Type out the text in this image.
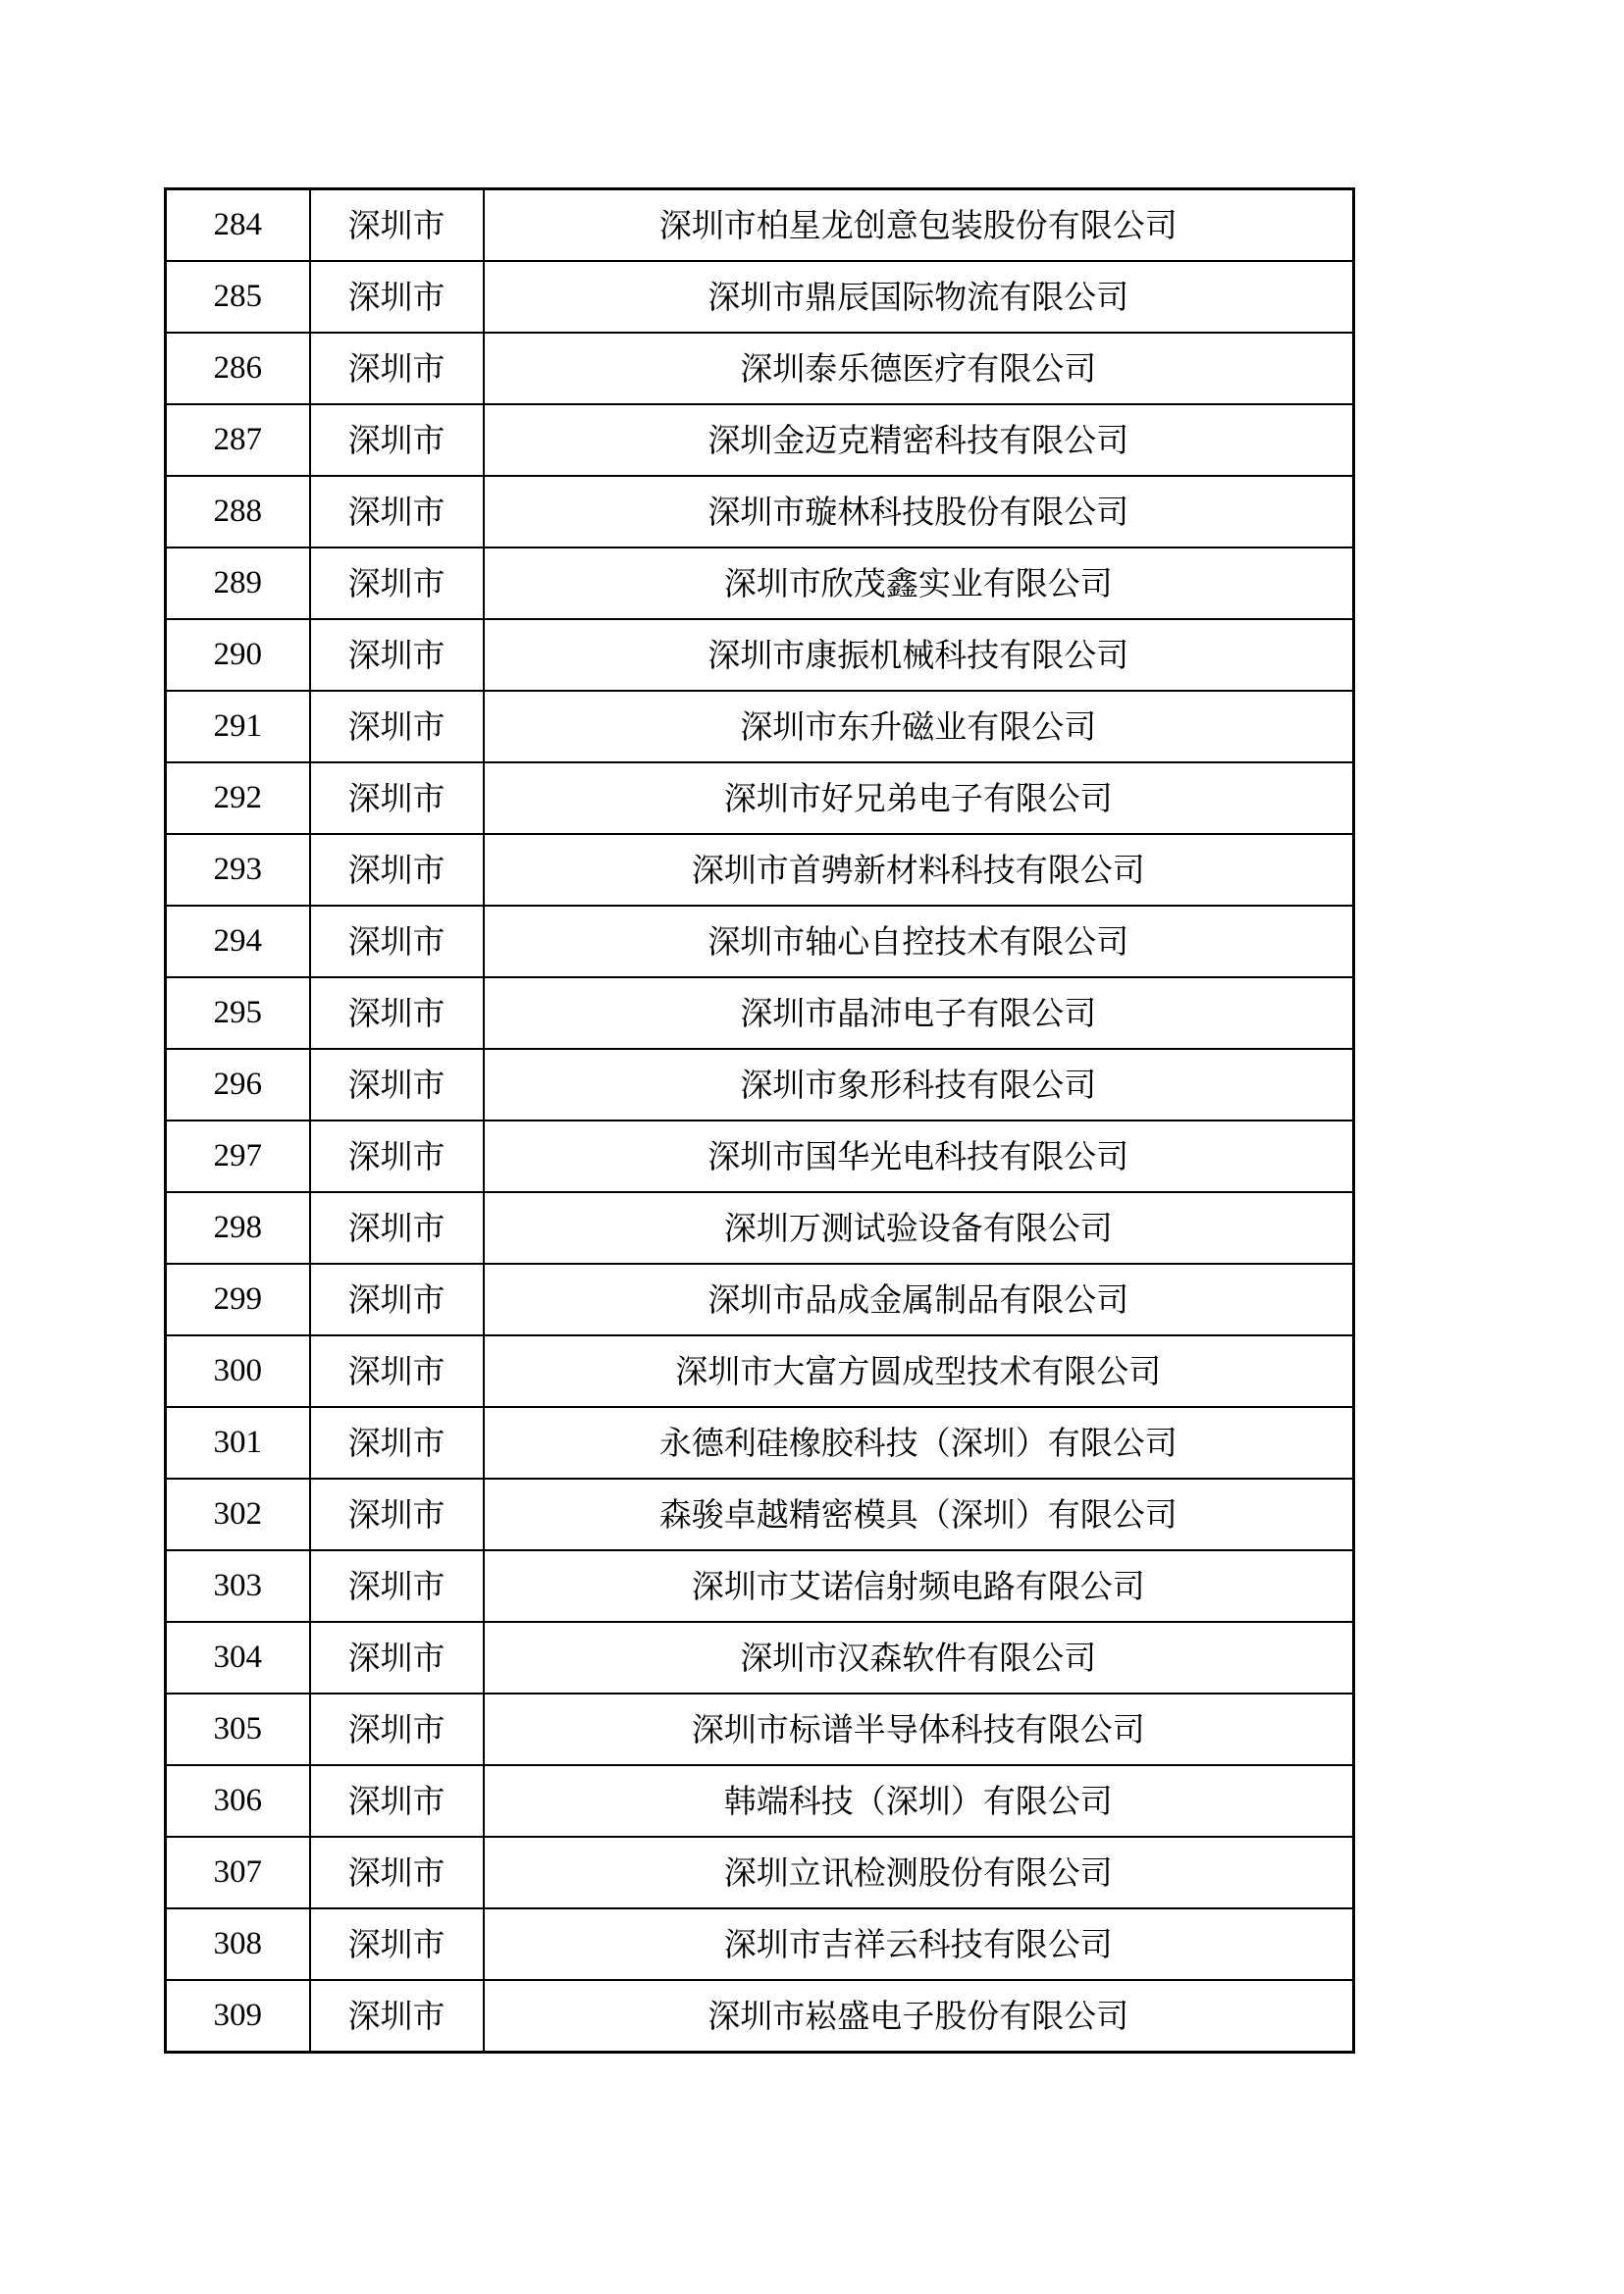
284	深圳市	深圳市柏星龙创意包装股份有限公司
285	深圳市	深圳市鼎辰国际物流有限公司
286	深圳市	深圳泰乐德医疗有限公司
287	深圳市	深圳金迈克精密科技有限公司
288	深圳市	深圳市璇林科技股份有限公司
289	深圳市	深圳市欣茂鑫实业有限公司
290	深圳市	深圳市康振机械科技有限公司
291	深圳市	深圳市东升磁业有限公司
292	深圳市	深圳市好兄弟电子有限公司
293	深圳市	深圳市首骋新材料科技有限公司
294	深圳市	深圳市轴心自控技术有限公司
295	深圳市	深圳市晶沛电子有限公司
296	深圳市	深圳市象形科技有限公司
297	深圳市	深圳市国华光电科技有限公司
298	深圳市	深圳万测试验设备有限公司
299	深圳市	深圳市品成金属制品有限公司
300	深圳市	深圳市大富方圆成型技术有限公司
301	深圳市	永德利硅橡胶科技（深圳）有限公司
302	深圳市	森骏卓越精密模具（深圳）有限公司
303	深圳市	深圳市艾诺信射频电路有限公司
304	深圳市	深圳市汉森软件有限公司
305	深圳市	深圳市标谱半导体科技有限公司
306	深圳市	韩端科技（深圳）有限公司
307	深圳市	深圳立讯检测股份有限公司
308	深圳市	深圳市吉祥云科技有限公司
309	深圳市	深圳市崧盛电子股份有限公司
